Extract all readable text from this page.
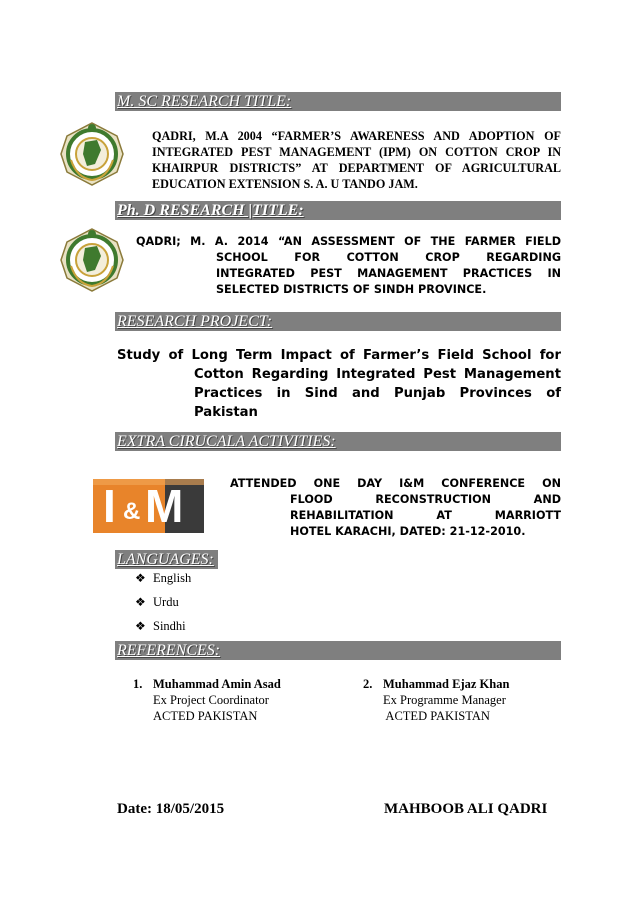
M. SC RESEARCH TITLE:
QADRI, M.A 2004 “FARMER’S AWARENESS AND ADOPTION OF
INTEGRATED PEST MANAGEMENT (IPM) ON COTTON CROP IN
KHAIRPUR DISTRICTS” AT DEPARTMENT OF AGRICULTURAL
EDUCATION EXTENSION S. A. U TANDO JAM.
Ph. D RESEARCH |TITLE:
QADRI; M. A. 2014 “AN ASSESSMENT OF THE FARMER FIELD
SCHOOL FOR COTTON CROP REGARDING
INTEGRATED PEST MANAGEMENT PRACTICES IN
SELECTED DISTRICTS OF SINDH PROVINCE.
RESEARCH PROJECT:
Study of Long Term Impact of Farmer’s Field School for
Cotton Regarding Integrated Pest Management
Practices in Sind and Punjab Provinces of
Pakistan
EXTRA CIRUCALA ACTIVITIES:
I & M	ATTENDED ONE DAY I&M CONFERENCE ON
FLOOD RECONSTRUCTION AND
REHABILITATION AT MARRIOTT
HOTEL KARACHI, DATED: 21-12-2010.
LANGUAGES:
❖ English
❖ Urdu
❖ Sindhi
REFERENCES:
1. Muhammad Amin Asad
Ex Project Coordinator
ACTED PAKISTAN
2. Muhammad Ejaz Khan
Ex Programme Manager
ACTED PAKISTAN
Date: 18/05/2015	MAHBOOB ALI QADRI
